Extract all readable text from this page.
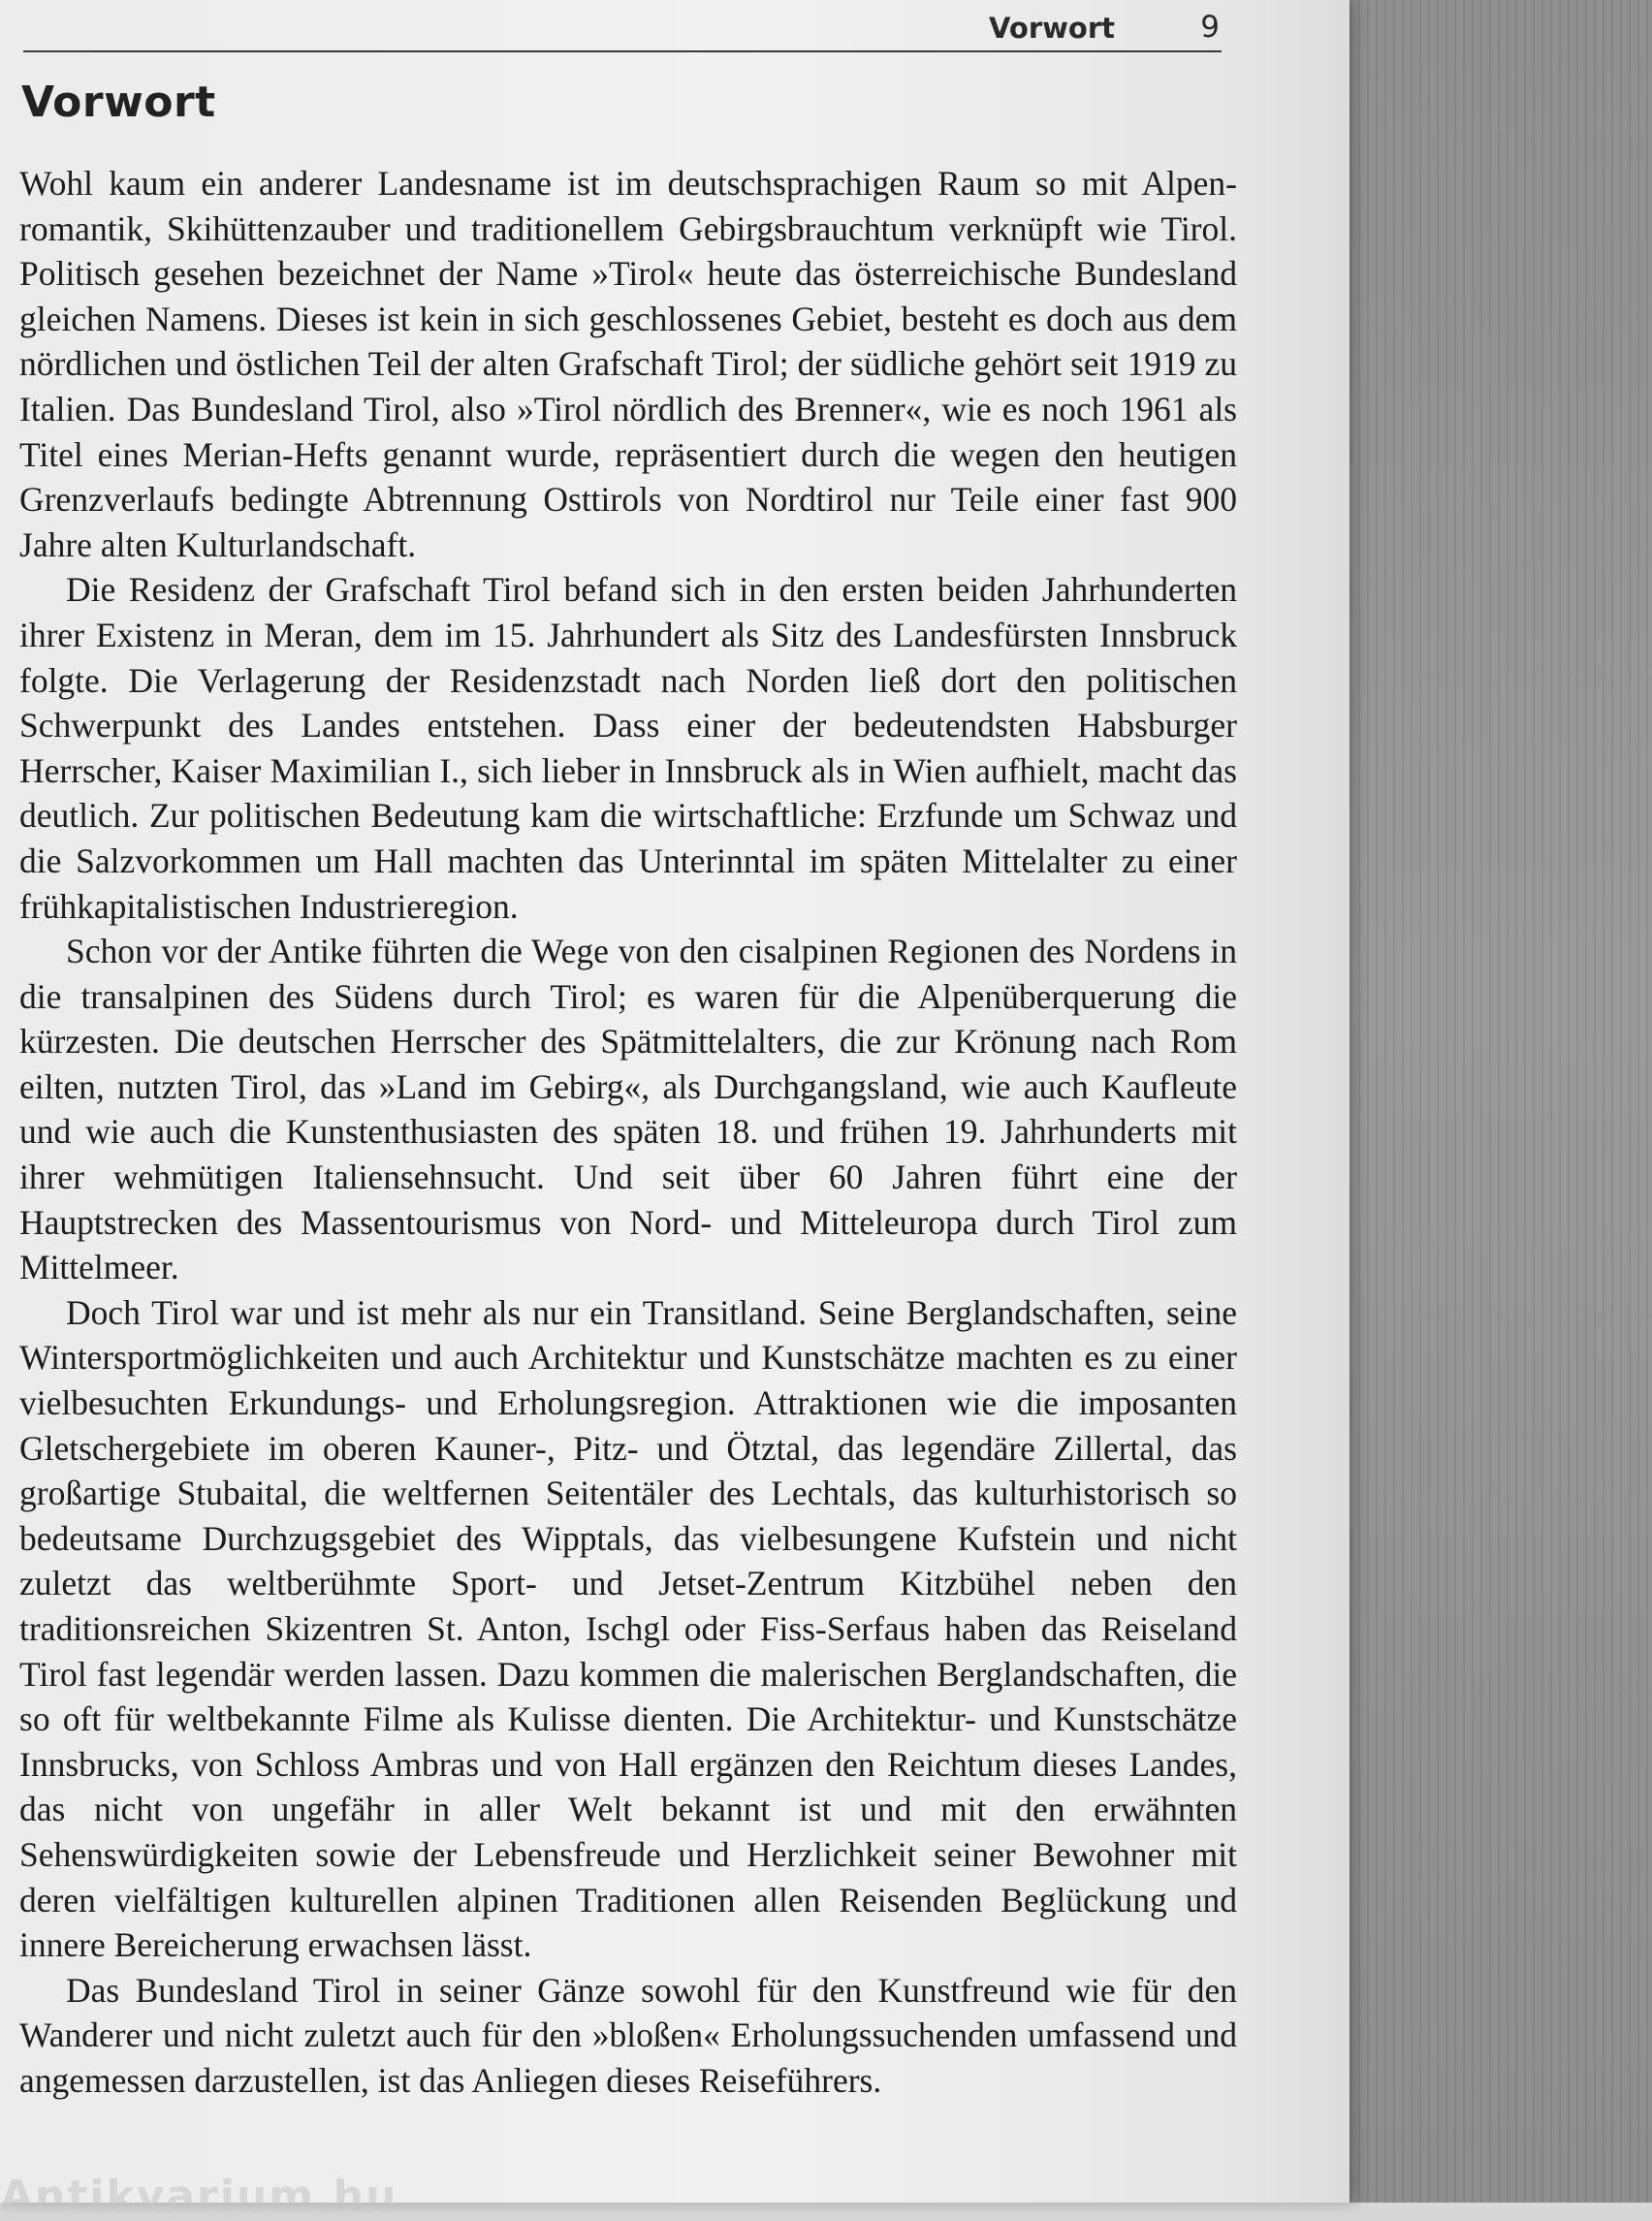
Vorwort	9
Vorwort

Wohl kaum ein anderer Landesname ist im deutschsprachigen Raum so mit Alpenromantik, Skihüttenzauber und traditionellem Gebirgsbrauchtum verknüpft wie Tirol. Politisch gesehen bezeichnet der Name »Tirol« heute das österreichische Bundesland gleichen Namens. Dieses ist kein in sich geschlossenes Gebiet, besteht es doch aus dem nördlichen und östlichen Teil der alten Grafschaft Tirol; der südliche gehört seit 1919 zu Italien. Das Bundesland Tirol, also »Tirol nördlich des Brenner«, wie es noch 1961 als Titel eines Merian-Hefts genannt wurde, repräsentiert durch die wegen den heutigen Grenzverlaufs bedingte Abtrennung Osttirols von Nordtirol nur Teile einer fast 900 Jahre alten Kulturlandschaft.

Die Residenz der Grafschaft Tirol befand sich in den ersten beiden Jahrhunderten ihrer Existenz in Meran, dem im 15. Jahrhundert als Sitz des Landesfürsten Innsbruck folgte. Die Verlagerung der Residenzstadt nach Norden ließ dort den politischen Schwerpunkt des Landes entstehen. Dass einer der bedeutendsten Habsburger Herrscher, Kaiser Maximilian I., sich lieber in Innsbruck als in Wien aufhielt, macht das deutlich. Zur politischen Bedeutung kam die wirtschaftliche: Erzfunde um Schwaz und die Salzvorkommen um Hall machten das Unterinntal im späten Mittelalter zu einer frühkapitalistischen Industrieregion.

Schon vor der Antike führten die Wege von den cisalpinen Regionen des Nordens in die transalpinen des Südens durch Tirol; es waren für die Alpenüberquerung die kürzesten. Die deutschen Herrscher des Spätmittelalters, die zur Krönung nach Rom eilten, nutzten Tirol, das »Land im Gebirg«, als Durchgangsland, wie auch Kaufleute und wie auch die Kunstenthusiasten des späten 18. und frühen 19. Jahrhunderts mit ihrer wehmütigen Italiensehnsucht. Und seit über 60 Jahren führt eine der Hauptstrecken des Massentourismus von Nord- und Mitteleuropa durch Tirol zum Mittelmeer.

Doch Tirol war und ist mehr als nur ein Transitland. Seine Berglandschaften, seine Wintersportmöglichkeiten und auch Architektur und Kunstschätze machten es zu einer vielbesuchten Erkundungs- und Erholungsregion. Attraktionen wie die imposanten Gletschergebiete im oberen Kauner-, Pitz- und Ötztal, das legendäre Zillertal, das großartige Stubaital, die weltfernen Seitentäler des Lechtals, das kulturhistorisch so bedeutsame Durchzugsgebiet des Wipptals, das vielbesungene Kufstein und nicht zuletzt das weltberühmte Sport- und Jetset-Zentrum Kitzbühel neben den traditionsreichen Skizentren St. Anton, Ischgl oder Fiss-Serfaus haben das Reiseland Tirol fast legendär werden lassen. Dazu kommen die malerischen Berglandschaften, die so oft für weltbekannte Filme als Kulisse dienten. Die Architektur- und Kunstschätze Innsbrucks, von Schloss Ambras und von Hall ergänzen den Reichtum dieses Landes, das nicht von ungefähr in aller Welt bekannt ist und mit den erwähnten Sehenswürdigkeiten sowie der Lebensfreude und Herzlichkeit seiner Bewohner mit deren vielfältigen kulturellen alpinen Traditionen allen Reisenden Beglückung und innere Bereicherung erwachsen lässt.

Das Bundesland Tirol in seiner Gänze sowohl für den Kunstfreund wie für den Wanderer und nicht zuletzt auch für den »bloßen« Erholungssuchenden umfassend und angemessen darzustellen, ist das Anliegen dieses Reiseführers.

Antikvarium.hu
